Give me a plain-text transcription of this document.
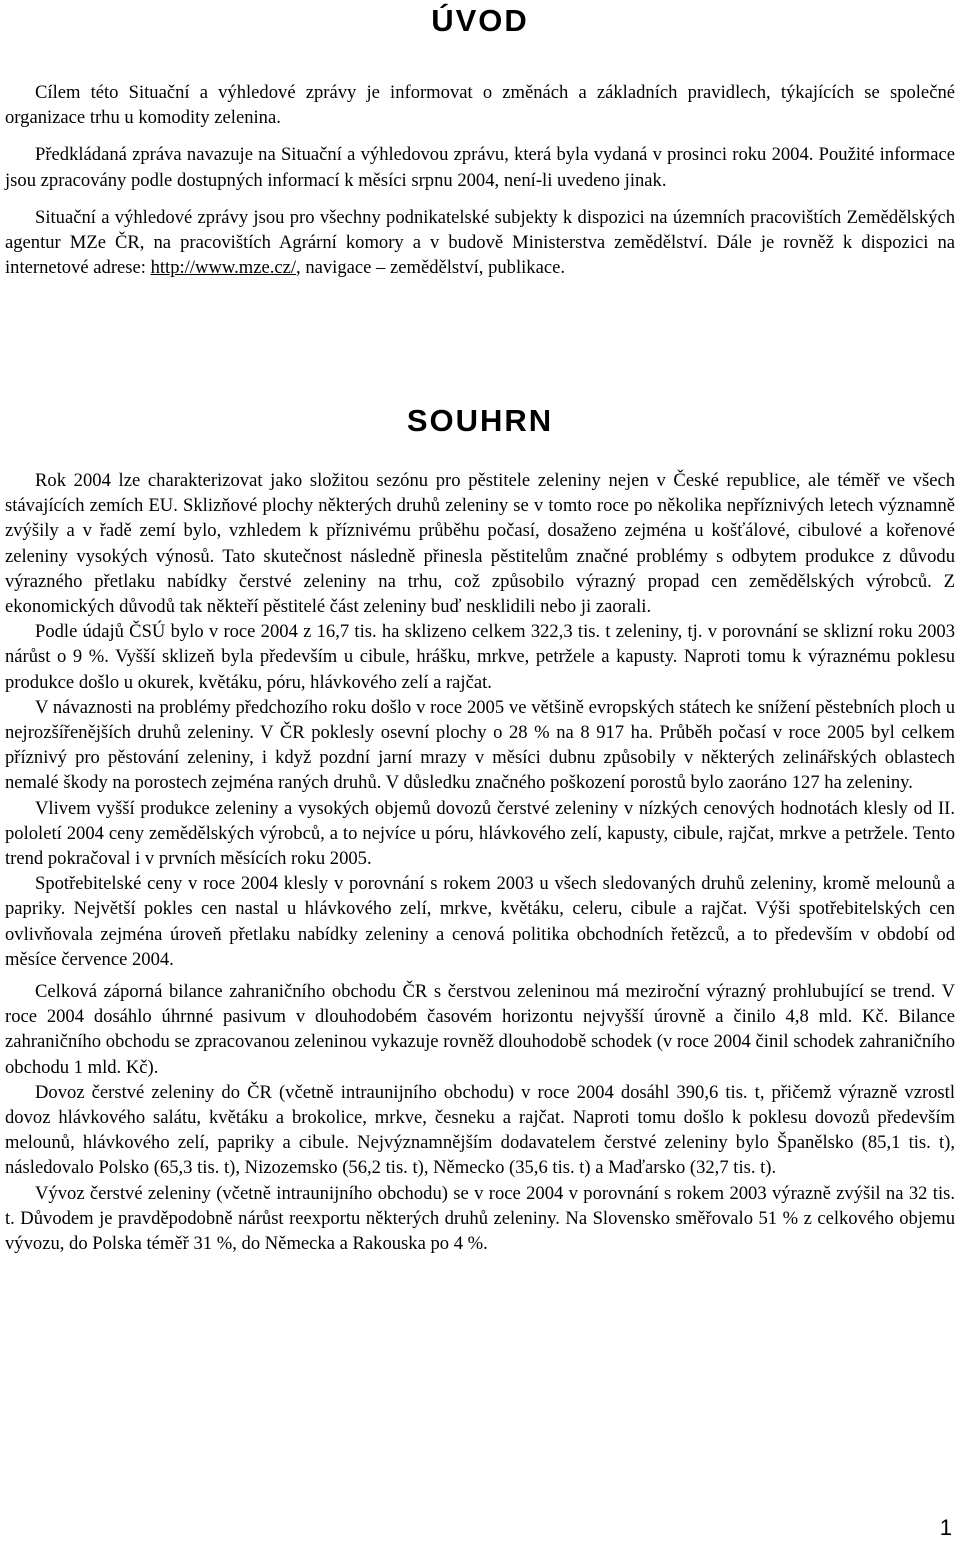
ÚVOD

Cílem této Situační a výhledové zprávy je informovat o změnách a základních pravidlech, týkajících se společné organizace trhu u komodity zelenina.

Předkládaná zpráva navazuje na Situační a výhledovou zprávu, která byla vydaná v prosinci roku 2004. Použité informace jsou zpracovány podle dostupných informací k měsíci srpnu 2004, není-li uvedeno jinak.

Situační a výhledové zprávy jsou pro všechny podnikatelské subjekty k dispozici na územních pracovištích Zemědělských agentur MZe ČR, na pracovištích Agrární komory a v budově Ministerstva zemědělství. Dále je rovněž k dispozici na internetové adrese: http://www.mze.cz/, navigace – zemědělství, publikace.

SOUHRN

Rok 2004 lze charakterizovat jako složitou sezónu pro pěstitele zeleniny nejen v České republice, ale téměř ve všech stávajících zemích EU. Sklizňové plochy některých druhů zeleniny se v tomto roce po několika nepříznivých letech významně zvýšily a v řadě zemí bylo, vzhledem k příznivému průběhu počasí, dosaženo zejména u košťálové, cibulové a kořenové zeleniny vysokých výnosů. Tato skutečnost následně přinesla pěstitelům značné problémy s odbytem produkce z důvodu výrazného přetlaku nabídky čerstvé zeleniny na trhu, což způsobilo výrazný propad cen zemědělských výrobců. Z ekonomických důvodů tak někteří pěstitelé část zeleniny buď nesklidili nebo ji zaorali.

Podle údajů ČSÚ bylo v roce 2004 z 16,7 tis. ha sklizeno celkem 322,3 tis. t zeleniny, tj. v porovnání se sklizní roku 2003 nárůst o 9 %. Vyšší sklizeň byla především u cibule, hrášku, mrkve, petržele a kapusty. Naproti tomu k výraznému poklesu produkce došlo u okurek, květáku, póru, hlávkového zelí a rajčat.

V návaznosti na problémy předchozího roku došlo v roce 2005 ve většině evropských státech ke snížení pěstebních ploch u nejrozšířenějších druhů zeleniny. V ČR poklesly osevní plochy o 28 % na 8 917 ha. Průběh počasí v roce 2005 byl celkem příznivý pro pěstování zeleniny, i když pozdní jarní mrazy v měsíci dubnu způsobily v některých zelinářských oblastech nemalé škody na porostech zejména raných druhů. V důsledku značného poškození porostů bylo zaoráno 127 ha zeleniny.

Vlivem vyšší produkce zeleniny a vysokých objemů dovozů čerstvé zeleniny v nízkých cenových hodnotách klesly od II. pololetí 2004 ceny zemědělských výrobců, a to nejvíce u póru, hlávkového zelí, kapusty, cibule, rajčat, mrkve a petržele. Tento trend pokračoval i v prvních měsících roku 2005.

Spotřebitelské ceny v roce 2004 klesly v porovnání s rokem 2003 u všech sledovaných druhů zeleniny, kromě melounů a papriky. Největší pokles cen nastal u hlávkového zelí, mrkve, květáku, celeru, cibule a rajčat. Výši spotřebitelských cen ovlivňovala zejména úroveň přetlaku nabídky zeleniny a cenová politika obchodních řetězců, a to především v období od měsíce července 2004.

Celková záporná bilance zahraničního obchodu ČR s čerstvou zeleninou má meziroční výrazný prohlubující se trend. V roce 2004 dosáhlo úhrnné pasivum v dlouhodobém časovém horizontu nejvyšší úrovně a činilo 4,8 mld. Kč. Bilance zahraničního obchodu se zpracovanou zeleninou vykazuje rovněž dlouhodobě schodek (v roce 2004 činil schodek zahraničního obchodu 1 mld. Kč).

Dovoz čerstvé zeleniny do ČR (včetně intraunijního obchodu) v roce 2004 dosáhl 390,6 tis. t, přičemž výrazně vzrostl dovoz hlávkového salátu, květáku a brokolice, mrkve, česneku a rajčat. Naproti tomu došlo k poklesu dovozů především melounů, hlávkového zelí, papriky a cibule. Nejvýznamnějším dodavatelem čerstvé zeleniny bylo Španělsko (85,1 tis. t), následovalo Polsko (65,3 tis. t), Nizozemsko (56,2 tis. t), Německo (35,6 tis. t) a Maďarsko (32,7 tis. t).

Vývoz čerstvé zeleniny (včetně intraunijního obchodu) se v roce 2004 v porovnání s rokem 2003 výrazně zvýšil na 32 tis. t. Důvodem je pravděpodobně nárůst reexportu některých druhů zeleniny. Na Slovensko směřovalo 51 % z celkového objemu vývozu, do Polska téměř 31 %, do Německa a Rakouska po 4 %.

1
